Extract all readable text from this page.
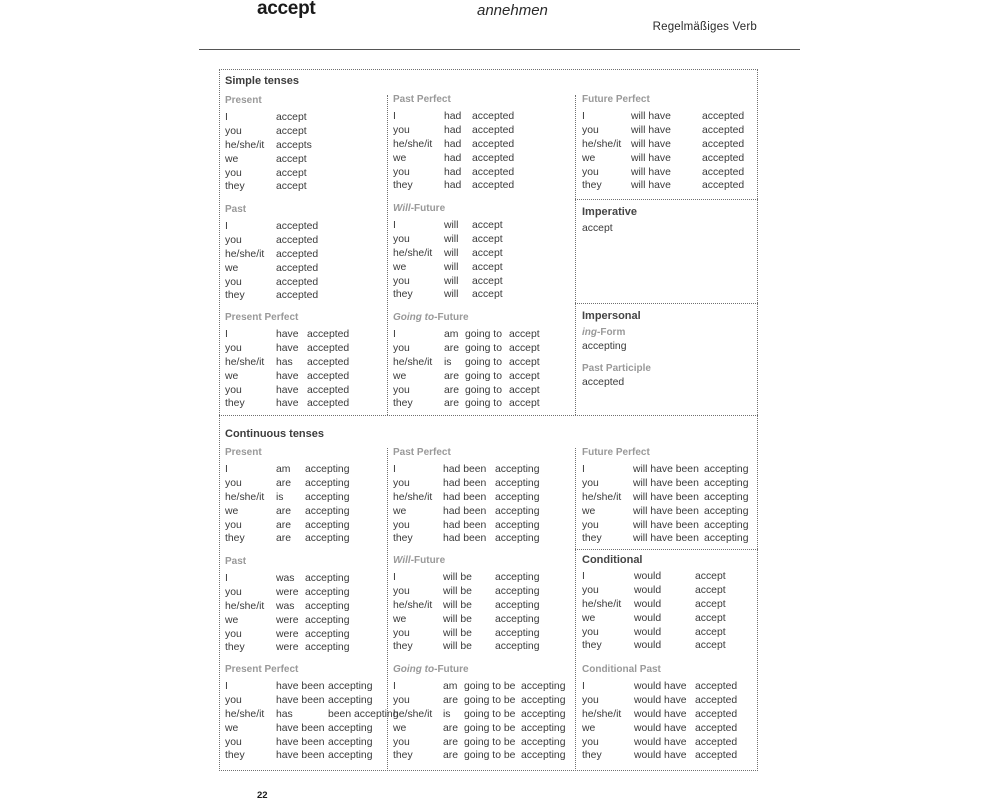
accept	annehmen
Regelmäßiges Verb
Simple tenses
Present
I	accept
you	accept
he/she/it accepts
we	accept
you	accept
they	accept
Past
I	accepted
you	accepted
he/she/it accepted
we	accepted
you	accepted
they	accepted
Present Perfect
I	have accepted
you	have accepted
he/she/it has accepted
we	have accepted
you	have accepted
they	have accepted
Past Perfect
I	had accepted
you	had accepted
he/she/it had accepted
we	had accepted
you	had accepted
they	had accepted
Will-Future
I	will accept
you	will accept
he/she/it will accept
we	will accept
you	will accept
they	will accept
Going to-Future
I	am going to accept
you	are going to accept
he/she/it is going to accept
we	are going to accept
you	are going to accept
they	are going to accept
Future Perfect
I	will have	accepted
you	will have	accepted
he/she/it will have	accepted
we	will have	accepted
you	will have	accepted
they	will have	accepted
Imperative
accept
Impersonal
ing-Form
accepting
Past Participle
accepted
Continuous tenses
Present
I	am accepting
you	are accepting
he/she/it is accepting
we	are accepting
you	are accepting
they	are accepting
Past
I	was accepting
you	were accepting
he/she/it was accepting
we	were accepting
you	were accepting
they	were accepting
Present Perfect
I	have been accepting
you	have been accepting
he/she/it has	been accepting
we	have been accepting
you	have been accepting
they	have been accepting
Past Perfect
I	had been accepting
you	had been accepting
he/she/it had been accepting
we	had been accepting
you	had been accepting
they	had been accepting
Will-Future
I	will be accepting
you	will be accepting
he/she/it will be accepting
we	will be accepting
you	will be accepting
they	will be accepting
Going to-Future
I	am going to be accepting
you	are going to be accepting
he/she/it is going to be accepting
we	are going to be accepting
you	are going to be accepting
they	are going to be accepting
Future Perfect
I	will have been accepting
you	will have been accepting
he/she/it will have been accepting
we	will have been accepting
you	will have been accepting
they	will have been accepting
Conditional
I	would	accept
you	would	accept
he/she/it would	accept
we	would	accept
you	would	accept
they	would	accept
Conditional Past
I	would have accepted
you	would have accepted
he/she/it would have accepted
we	would have accepted
you	would have accepted
they	would have accepted
22
